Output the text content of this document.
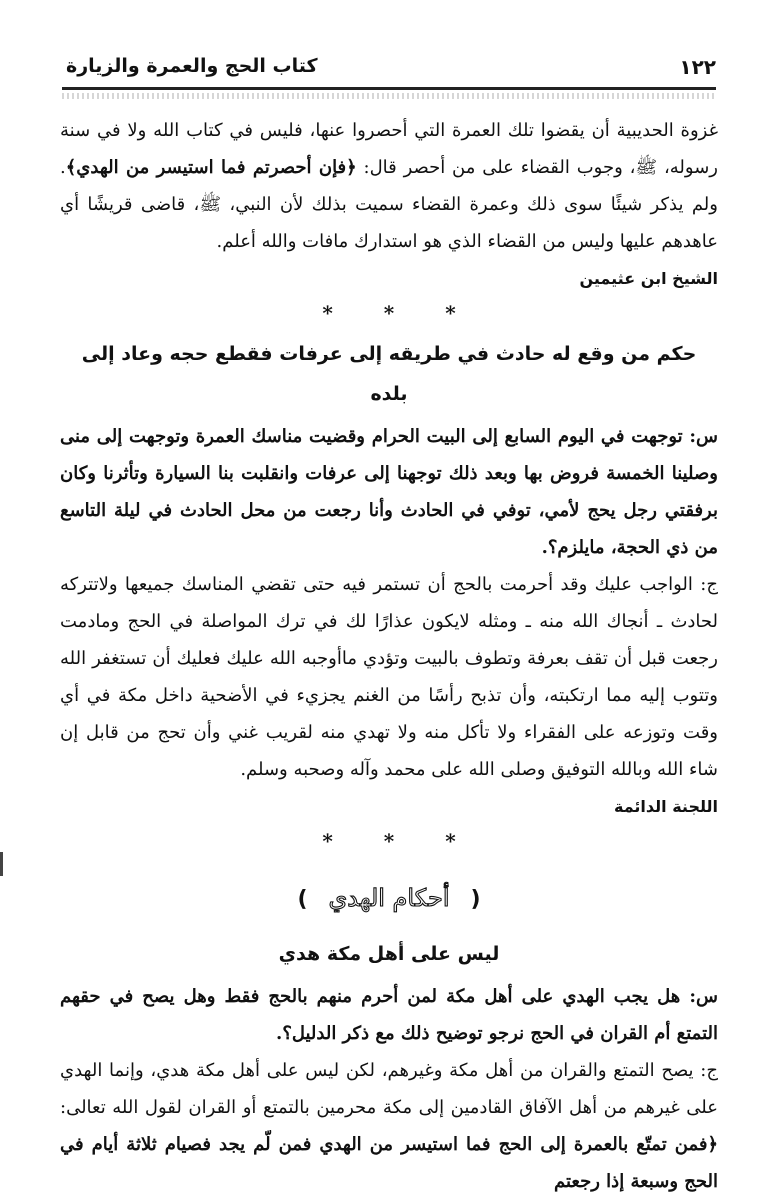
١٢٢
كتاب الحج والعمرة والزيارة

غزوة الحديبية أن يقضوا تلك العمرة التي أحصروا عنها، فليس في كتاب الله ولا في سنة رسوله، ﷺ، وجوب القضاء على من أحصر قال: ﴿فإن أحصرتم فما استيسر من الهدي﴾. ولم يذكر شيئًا سوى ذلك وعمرة القضاء سميت بذلك لأن النبي، ﷺ، قاضى قريشًا أي عاهدهم عليها وليس من القضاء الذي هو استدارك مافات والله أعلم.

الشيخ ابن عثيمين
* * *
حكم من وقع له حادث في طريقه إلى عرفات فقطع حجه وعاد إلى بلده

س: توجهت في اليوم السابع إلى البيت الحرام وقضيت مناسك العمرة وتوجهت إلى منى وصلينا الخمسة فروض بها وبعد ذلك توجهنا إلى عرفات وانقلبت بنا السيارة وتأثرنا وكان برفقتي رجل يحج لأمي، توفي في الحادث وأنا رجعت من محل الحادث في ليلة التاسع من ذي الحجة، مايلزم؟.

ج: الواجب عليك وقد أحرمت بالحج أن تستمر فيه حتى تقضي المناسك جميعها ولاتتركه لحادث ـ أنجاك الله منه ـ ومثله لايكون عذارًا لك في ترك المواصلة في الحج ومادمت رجعت قبل أن تقف بعرفة وتطوف بالبيت وتؤدي ماأوجبه الله عليك فعليك أن تستغفر الله وتتوب إليه مما ارتكبته، وأن تذبح رأسًا من الغنم يجزيء في الأضحية داخل مكة في أي وقت وتوزعه على الفقراء ولا تأكل منه ولا تهدي منه لقريب غني وأن تحج من قابل إن شاء الله وبالله التوفيق وصلى الله على محمد وآله وصحبه وسلم.

اللجنة الدائمة
* * *
( أحكام الهدي )
ليس على أهل مكة هدي

س: هل يجب الهدي على أهل مكة لمن أحرم منهم بالحج فقط وهل يصح في حقهم التمتع أم القران في الحج نرجو توضيح ذلك مع ذكر الدليل؟.

ج: يصح التمتع والقران من أهل مكة وغيرهم، لكن ليس على أهل مكة هدي، وإنما الهدي على غيرهم من أهل الآفاق القادمين إلى مكة محرمين بالتمتع أو القران لقول الله تعالى: ﴿فمن تمتّع بالعمرة إلى الحج فما استيسر من الهدي فمن لّم يجد فصيام ثلاثة أيام في الحج وسبعة إذا رجعتم
